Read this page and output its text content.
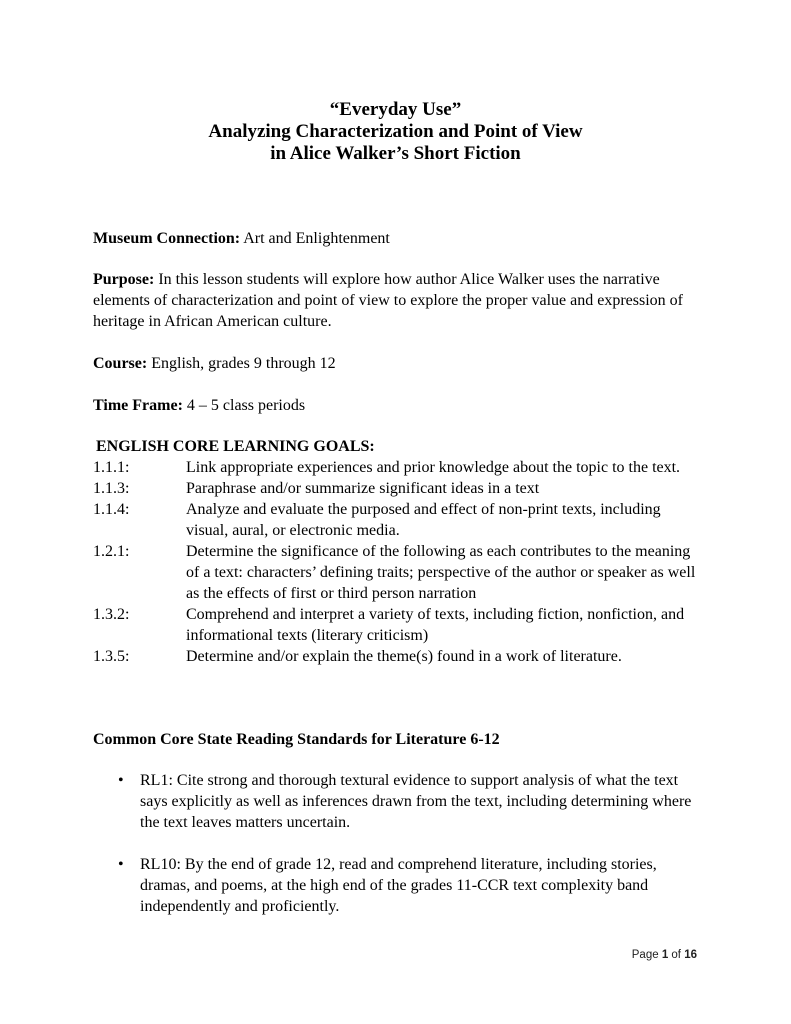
“Everyday Use”
Analyzing Characterization and Point of View
in Alice Walker’s Short Fiction
Museum Connection: Art and Enlightenment
Purpose: In this lesson students will explore how author Alice Walker uses the narrative elements of characterization and point of view to explore the proper value and expression of heritage in African American culture.
Course: English, grades 9 through 12
Time Frame: 4 – 5 class periods
ENGLISH CORE LEARNING GOALS:
1.1.1:	Link appropriate experiences and prior knowledge about the topic to the text.
1.1.3:	Paraphrase and/or summarize significant ideas in a text
1.1.4:	Analyze and evaluate the purposed and effect of non-print texts, including visual, aural, or electronic media.
1.2.1:	Determine the significance of the following as each contributes to the meaning of a text: characters’ defining traits; perspective of the author or speaker as well as the effects of first or third person narration
1.3.2:	Comprehend and interpret a variety of texts, including fiction, nonfiction, and informational texts (literary criticism)
1.3.5:	Determine and/or explain the theme(s) found in a work of literature.
Common Core State Reading Standards for Literature 6-12
• RL1: Cite strong and thorough textural evidence to support analysis of what the text says explicitly as well as inferences drawn from the text, including determining where the text leaves matters uncertain.
• RL10: By the end of grade 12, read and comprehend literature, including stories, dramas, and poems, at the high end of the grades 11-CCR text complexity band independently and proficiently.
Page 1 of 16
